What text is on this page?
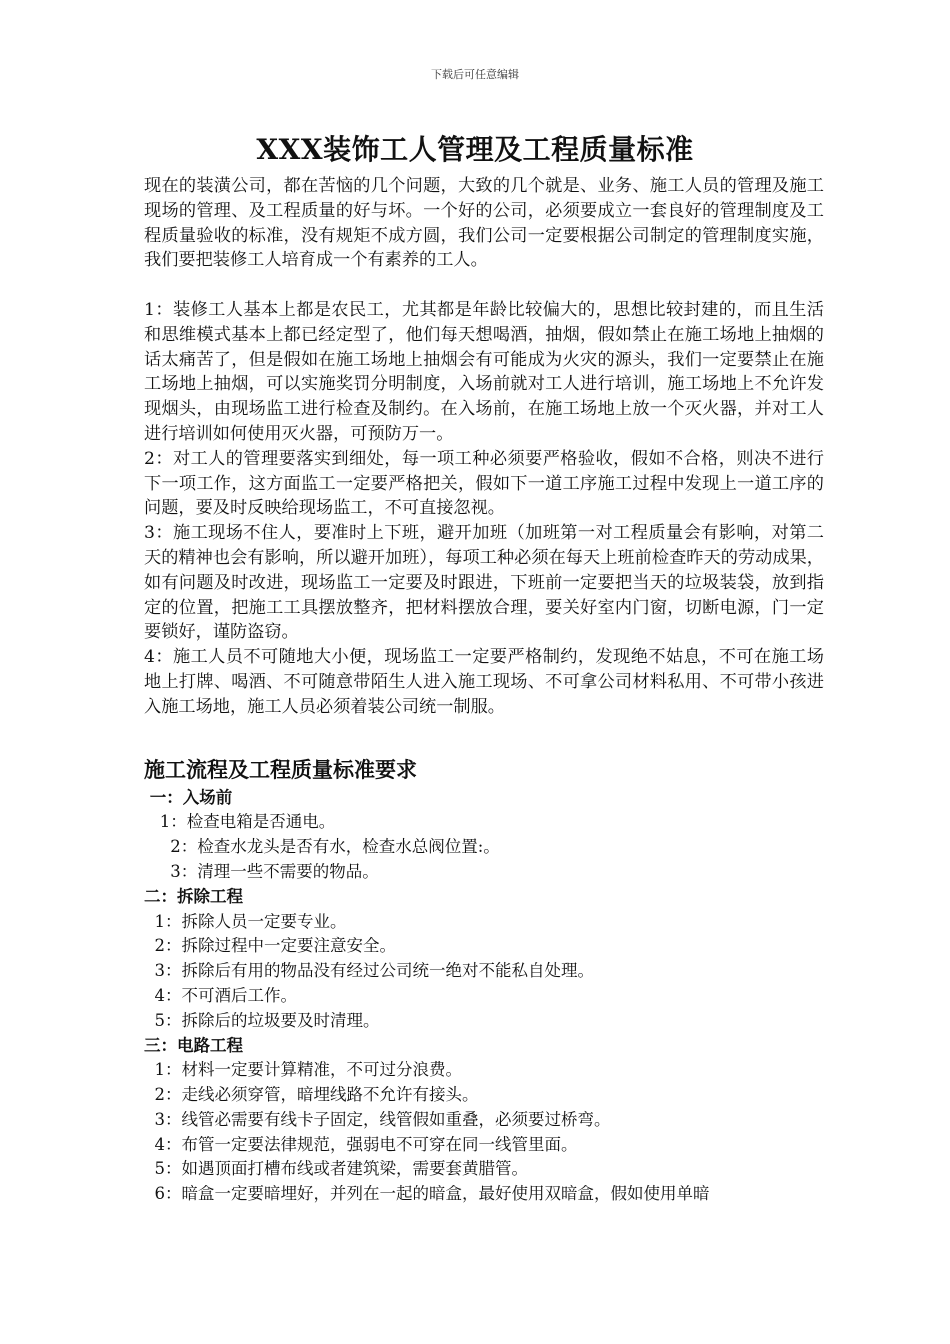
下载后可任意编辑
XXX装饰工人管理及工程质量标准

现在的装潢公司，都在苦恼的几个问题，大致的几个就是、业务、施工人员的管理及施工现场的管理、及工程质量的好与坏。一个好的公司，必须要成立一套良好的管理制度及工程质量验收的标准，没有规矩不成方圆，我们公司一定要根据公司制定的管理制度实施，我们要把装修工人培育成一个有素养的工人。

1：装修工人基本上都是农民工，尤其都是年龄比较偏大的，思想比较封建的，而且生活和思维模式基本上都已经定型了，他们每天想喝酒，抽烟，假如禁止在施工场地上抽烟的话太痛苦了，但是假如在施工场地上抽烟会有可能成为火灾的源头，我们一定要禁止在施工场地上抽烟，可以实施奖罚分明制度，入场前就对工人进行培训，施工场地上不允许发现烟头，由现场监工进行检查及制约。在入场前，在施工场地上放一个灭火器，并对工人进行培训如何使用灭火器，可预防万一。

2：对工人的管理要落实到细处，每一项工种必须要严格验收，假如不合格，则决不进行下一项工作，这方面监工一定要严格把关，假如下一道工序施工过程中发现上一道工序的问题，要及时反映给现场监工，不可直接忽视。

3：施工现场不住人，要准时上下班，避开加班（加班第一对工程质量会有影响，对第二天的精神也会有影响，所以避开加班），每项工种必须在每天上班前检查昨天的劳动成果，如有问题及时改进，现场监工一定要及时跟进，下班前一定要把当天的垃圾装袋，放到指定的位置，把施工工具摆放整齐，把材料摆放合理，要关好室内门窗，切断电源，门一定要锁好，谨防盗窃。

4：施工人员不可随地大小便，现场监工一定要严格制约，发现绝不姑息，不可在施工场地上打牌、喝酒、不可随意带陌生人进入施工现场、不可拿公司材料私用、不可带小孩进入施工场地，施工人员必须着装公司统一制服。

施工流程及工程质量标准要求
一：入场前

1：检查电箱是否通电。

2：检查水龙头是否有水，检查水总阀位置:。

3：清理一些不需要的物品。

二：拆除工程

1：拆除人员一定要专业。

2：拆除过程中一定要注意安全。

3：拆除后有用的物品没有经过公司统一绝对不能私自处理。

4：不可酒后工作。

5：拆除后的垃圾要及时清理。

三：电路工程

1：材料一定要计算精准，不可过分浪费。

2：走线必须穿管，暗埋线路不允许有接头。

3：线管必需要有线卡子固定，线管假如重叠，必须要过桥弯。

4：布管一定要法律规范，强弱电不可穿在同一线管里面。

5：如遇顶面打槽布线或者建筑梁，需要套黄腊管。

6：暗盒一定要暗埋好，并列在一起的暗盒，最好使用双暗盒，假如使用单暗
